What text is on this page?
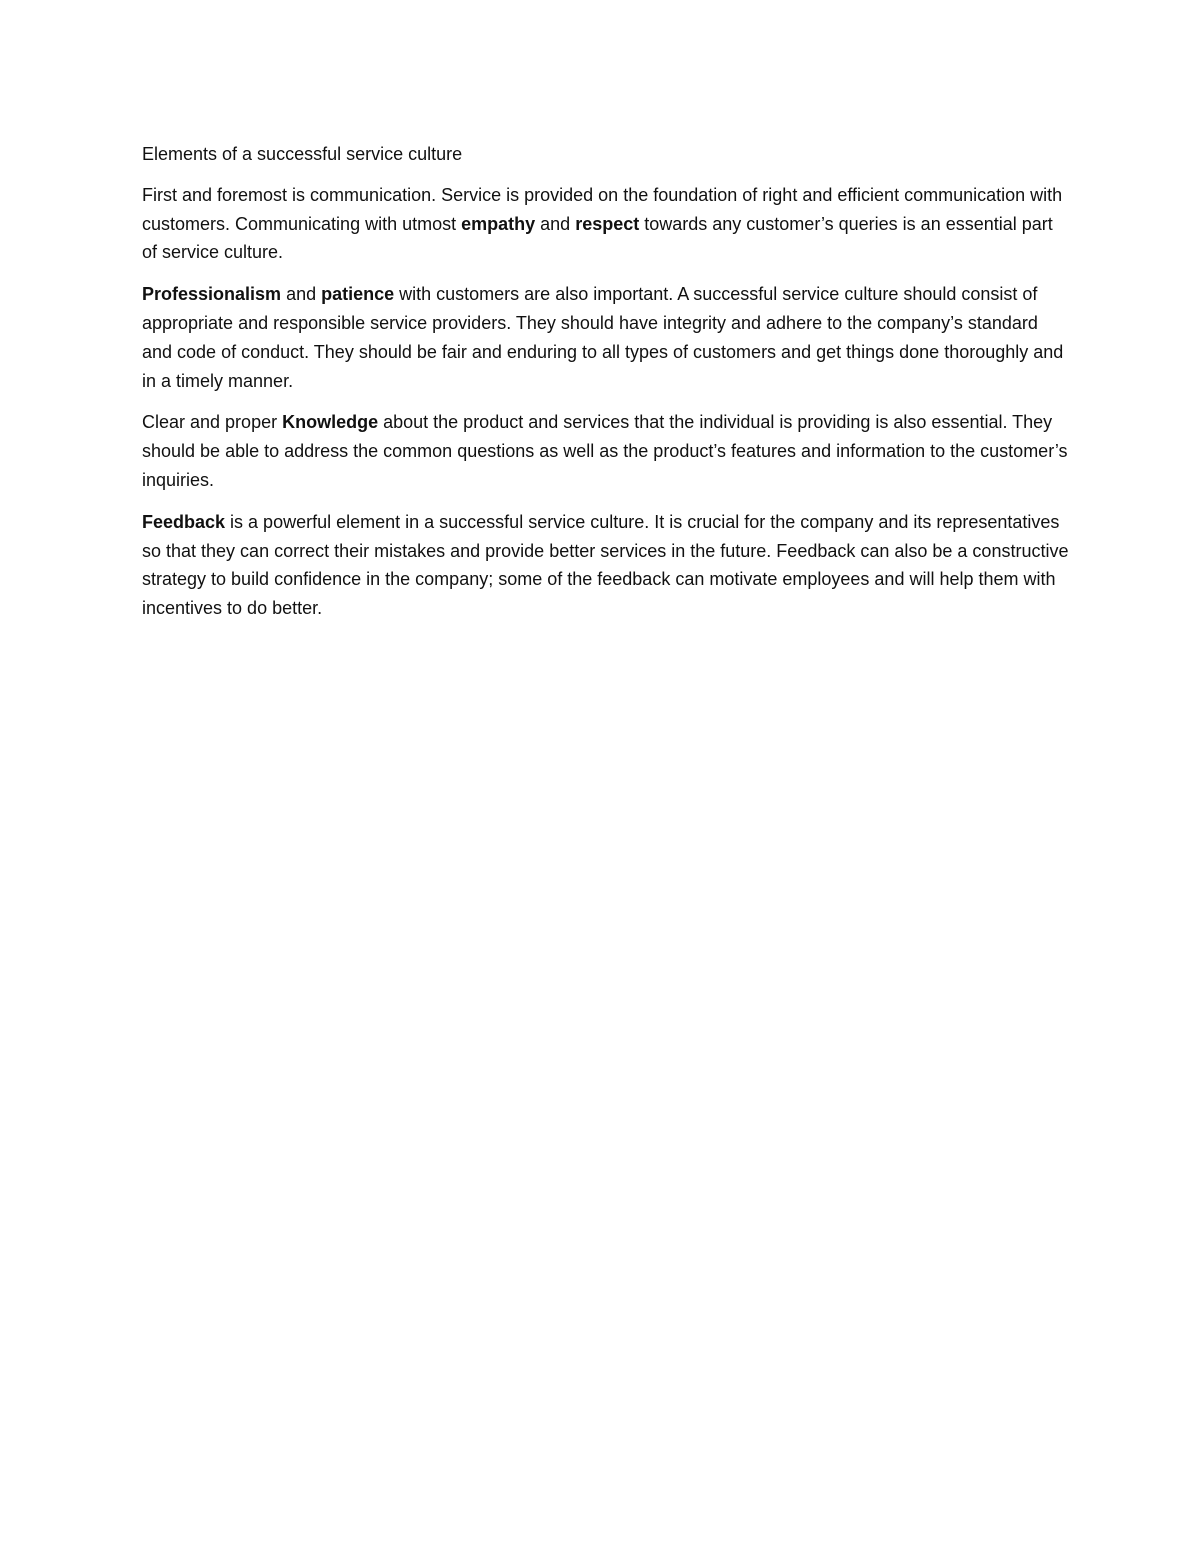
Elements of a successful service culture

First and foremost is communication. Service is provided on the foundation of right and efficient communication with customers. Communicating with utmost empathy and respect towards any customer’s queries is an essential part of service culture.

Professionalism and patience with customers are also important. A successful service culture should consist of appropriate and responsible service providers. They should have integrity and adhere to the company’s standard and code of conduct. They should be fair and enduring to all types of customers and get things done thoroughly and in a timely manner.

Clear and proper Knowledge about the product and services that the individual is providing is also essential. They should be able to address the common questions as well as the product’s features and information to the customer’s inquiries.

Feedback is a powerful element in a successful service culture. It is crucial for the company and its representatives so that they can correct their mistakes and provide better services in the future. Feedback can also be a constructive strategy to build confidence in the company; some of the feedback can motivate employees and will help them with incentives to do better.
